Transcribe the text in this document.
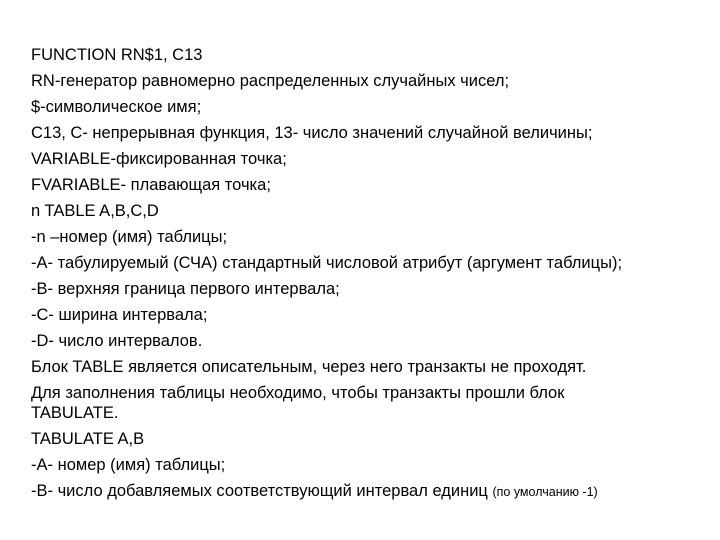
FUNCTION RN$1, C13
RN-генератор равномерно распределенных случайных чисел;
$-символическое имя;
C13, C- непрерывная функция, 13- число значений случайной величины;
VARIABLE-фиксированная точка;
FVARIABLE- плавающая точка;
n TABLE A,B,C,D
-n –номер (имя) таблицы;
-A- табулируемый (СЧА) стандартный числовой атрибут (аргумент таблицы);
-B- верхняя граница первого интервала;
-C- ширина интервала;
-D- число интервалов.
Блок TABLE является описательным, через него транзакты не проходят.
Для заполнения таблицы необходимо, чтобы транзакты прошли блок
TABULATE.
TABULATE A,B
-A- номер (имя) таблицы;
-B- число добавляемых соответствующий интервал единиц (по умолчанию -1)
